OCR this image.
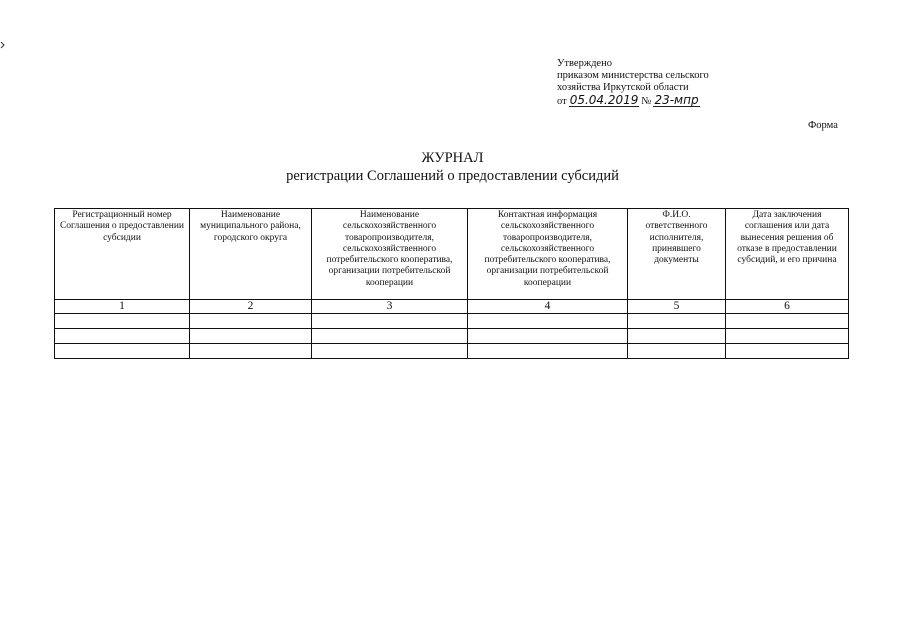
Утверждено
приказом министерства сельского
хозяйства Иркутской области
от 05.04.2019 № 23-мпр
Форма
ЖУРНАЛ
регистрации Соглашений о предоставлении субсидий
Регистрационный номер Соглашения о предоставлении субсидии	Наименование муниципального района, городского округа	Наименование сельскохозяйственного товаропроизводителя, сельскохозяйственного потребительского кооператива, организации потребительской кооперации	Контактная информация сельскохозяйственного товаропроизводителя, сельскохозяйственного потребительского кооператива, организации потребительской кооперации	Ф.И.О. ответственного исполнителя, принявшего документы	Дата заключения соглашения или дата вынесения решения об отказе в предоставлении субсидий, и его причина
1	2	3	4	5	6
